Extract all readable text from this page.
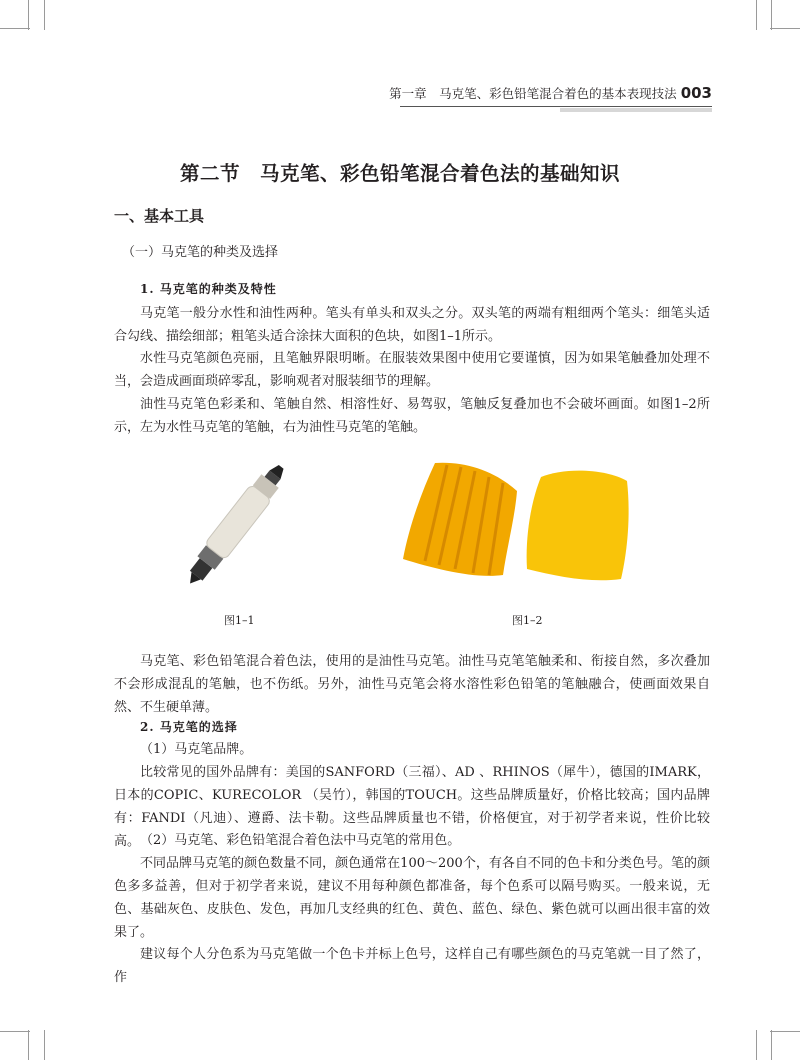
第一章　马克笔、彩色铅笔混合着色的基本表现技法 003
第二节　马克笔、彩色铅笔混合着色法的基础知识
一、基本工具
（一）马克笔的种类及选择
1. 马克笔的种类及特性

马克笔一般分水性和油性两种。笔头有单头和双头之分。双头笔的两端有粗细两个笔头：细笔头适合勾线、描绘细部；粗笔头适合涂抹大面积的色块，如图1–1所示。

水性马克笔颜色亮丽，且笔触界限明晰。在服装效果图中使用它要谨慎，因为如果笔触叠加处理不当，会造成画面琐碎零乱，影响观者对服装细节的理解。

油性马克笔色彩柔和、笔触自然、相溶性好、易驾驭，笔触反复叠加也不会破坏画面。如图1–2所示，左为水性马克笔的笔触，右为油性马克笔的笔触。

图1–1	图1–2

马克笔、彩色铅笔混合着色法，使用的是油性马克笔。油性马克笔笔触柔和、衔接自然，多次叠加不会形成混乱的笔触，也不伤纸。另外，油性马克笔会将水溶性彩色铅笔的笔触融合，使画面效果自然、不生硬单薄。

2. 马克笔的选择
（1）马克笔品牌。

比较常见的国外品牌有：美国的SANFORD（三福）、AD 、RHINOS（犀牛），德国的IMARK，日本的COPIC、KURECOLOR （吴竹），韩国的TOUCH。这些品牌质量好，价格比较高；国内品牌有：FANDI（凡迪）、遵爵、法卡勒。这些品牌质量也不错，价格便宜，对于初学者来说，性价比较高。 （2）马克笔、彩色铅笔混合着色法中马克笔的常用色。

不同品牌马克笔的颜色数量不同，颜色通常在100～200个，有各自不同的色卡和分类色号。笔的颜色多多益善，但对于初学者来说，建议不用每种颜色都准备，每个色系可以隔号购买。一般来说，无色、基础灰色、皮肤色、发色，再加几支经典的红色、黄色、蓝色、绿色、紫色就可以画出很丰富的效果了。

建议每个人分色系为马克笔做一个色卡并标上色号，这样自己有哪些颜色的马克笔就一目了然了，作
